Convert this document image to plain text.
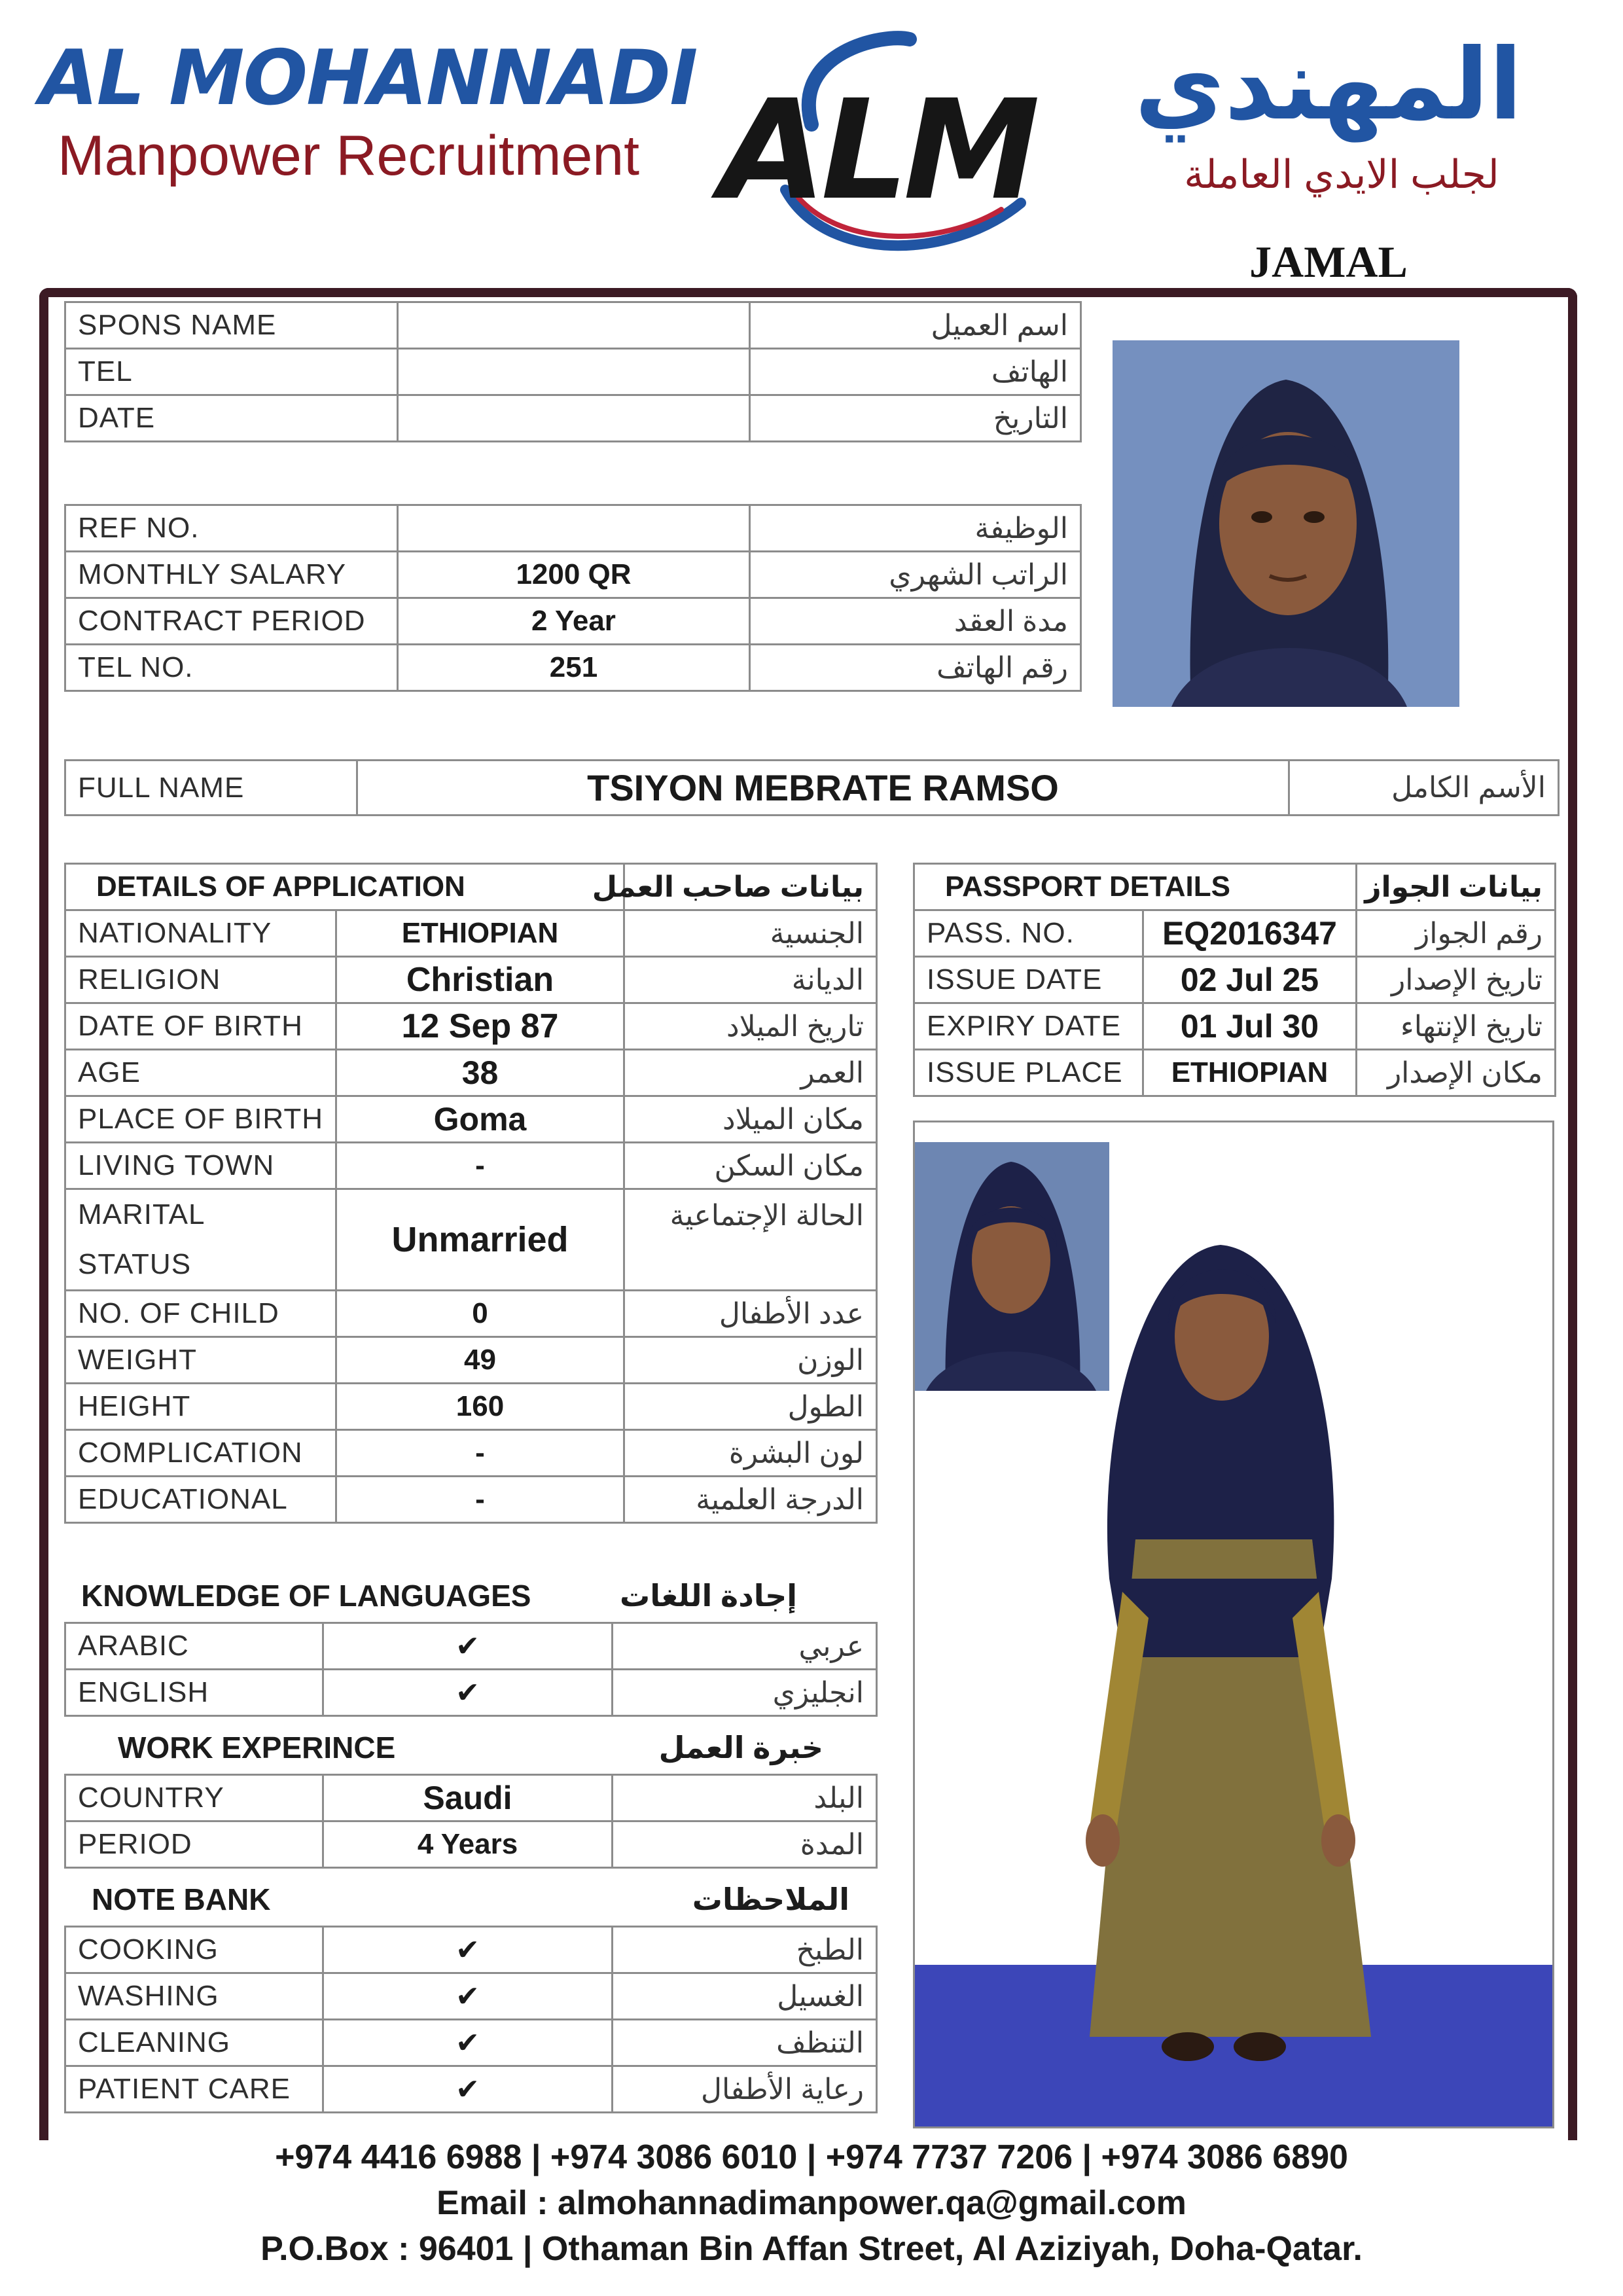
AL MOHANNADI
Manpower Recruitment ALM	المهندي
لجلب الايدي العاملة
JAMAL
SPONS NAME		اسم العميل
TEL		الهاتف
DATE		التاريخ
REF NO.		الوظيفة
MONTHLY SALARY	1200 QR	الراتب الشهري
CONTRACT PERIOD	2 Year	مدة العقد
TEL NO.	251	رقم الهاتف
FULL NAME	TSIYON MEBRATE RAMSO	الأسم الكامل
DETAILS OF APPLICATION		بيانات صاحب العمل
NATIONALITY	ETHIOPIAN	الجنسية
RELIGION	Christian	الديانة
DATE OF BIRTH	12 Sep 87	تاريخ الميلاد
AGE	38	العمر
PLACE OF BIRTH	Goma	مكان الميلاد
LIVING TOWN	-	مكان السكن
MARITAL
STATUS	Unmarried	الحالة الإجتماعية
NO. OF CHILD	0	عدد الأطفال
WEIGHT	49	الوزن
HEIGHT	160	الطول
COMPLICATION	-	لون البشرة
EDUCATIONAL	-	الدرجة العلمية
KNOWLEDGE OF LANGUAGES	إجادة اللغات
ARABIC	✔	عربي
ENGLISH	✔	انجليزي
WORK EXPERINCE	خبرة العمل
COUNTRY	Saudi	البلد
PERIOD	4 Years	المدة
NOTE BANK	الملاحظات
COOKING	✔	الطبخ
WASHING	✔	الغسيل
CLEANING	✔	التنظف
PATIENT CARE	✔	رعاية الأطفال
PASSPORT DETAILS		بيانات الجواز
PASS. NO.	EQ2016347	رقم الجواز
ISSUE DATE	02 Jul 25	تاريخ الإصدار
EXPIRY DATE	01 Jul 30	تاريخ الإنتهاء
ISSUE PLACE	ETHIOPIAN	مكان الإصدار
+974 4416 6988 | +974 3086 6010 | +974 7737 7206 | +974 3086 6890
Email : almohannadimanpower.qa@gmail.com
P.O.Box : 96401 | Othaman Bin Affan Street, Al Aziziyah, Doha-Qatar.
